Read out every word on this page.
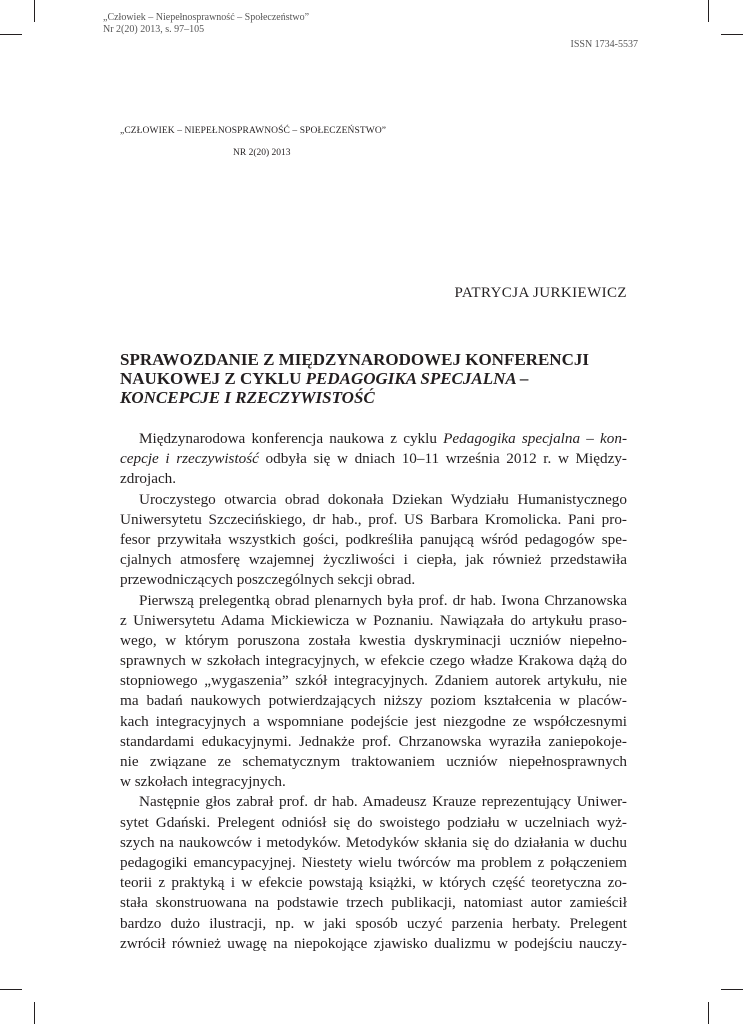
„Człowiek – Niepełnosprawność – Społeczeństwo”
Nr 2(20) 2013, s. 97–105
ISSN 1734-5537
„CZŁOWIEK – NIEPEŁNOSPRAWNOŚĆ – SPOŁECZEŃSTWO”
NR 2(20) 2013
PATRYCJA JURKIEWICZ
SPRAWOZDANIE Z MIĘDZYNARODOWEJ KONFERENCJI
NAUKOWEJ Z CYKLU PEDAGOGIKA SPECJALNA –
KONCEPCJE I RZECZYWISTOŚĆ
Międzynarodowa konferencja naukowa z cyklu Pedagogika specjalna – kon-
cepcje i rzeczywistość odbyła się w dniach 10–11 września 2012 r. w Między-
zdrojach.
Uroczystego otwarcia obrad dokonała Dziekan Wydziału Humanistycznego
Uniwersytetu Szczecińskiego, dr hab., prof. US Barbara Kromolicka. Pani pro-
fesor przywitała wszystkich gości, podkreśliła panującą wśród pedagogów spe-
cjalnych atmosferę wzajemnej życzliwości i ciepła, jak również przedstawiła
przewodniczących poszczególnych sekcji obrad.
Pierwszą prelegentką obrad plenarnych była prof. dr hab. Iwona Chrzanowska
z Uniwersytetu Adama Mickiewicza w Poznaniu. Nawiązała do artykułu praso-
wego, w którym poruszona została kwestia dyskryminacji uczniów niepełno-
sprawnych w szkołach integracyjnych, w efekcie czego władze Krakowa dążą do
stopniowego „wygaszenia” szkół integracyjnych. Zdaniem autorek artykułu, nie
ma badań naukowych potwierdzających niższy poziom kształcenia w placów-
kach integracyjnych a wspomniane podejście jest niezgodne ze współczesnymi
standardami edukacyjnymi. Jednakże prof. Chrzanowska wyraziła zaniepokoje-
nie związane ze schematycznym traktowaniem uczniów niepełnosprawnych
w szkołach integracyjnych.
Następnie głos zabrał prof. dr hab. Amadeusz Krauze reprezentujący Uniwer-
sytet Gdański. Prelegent odniósł się do swoistego podziału w uczelniach wyż-
szych na naukowców i metodyków. Metodyków skłania się do działania w duchu
pedagogiki emancypacyjnej. Niestety wielu twórców ma problem z połączeniem
teorii z praktyką i w efekcie powstają książki, w których część teoretyczna zo-
stała skonstruowana na podstawie trzech publikacji, natomiast autor zamieścił
bardzo dużo ilustracji, np. w jaki sposób uczyć parzenia herbaty. Prelegent
zwrócił również uwagę na niepokojące zjawisko dualizmu w podejściu nauczy-
